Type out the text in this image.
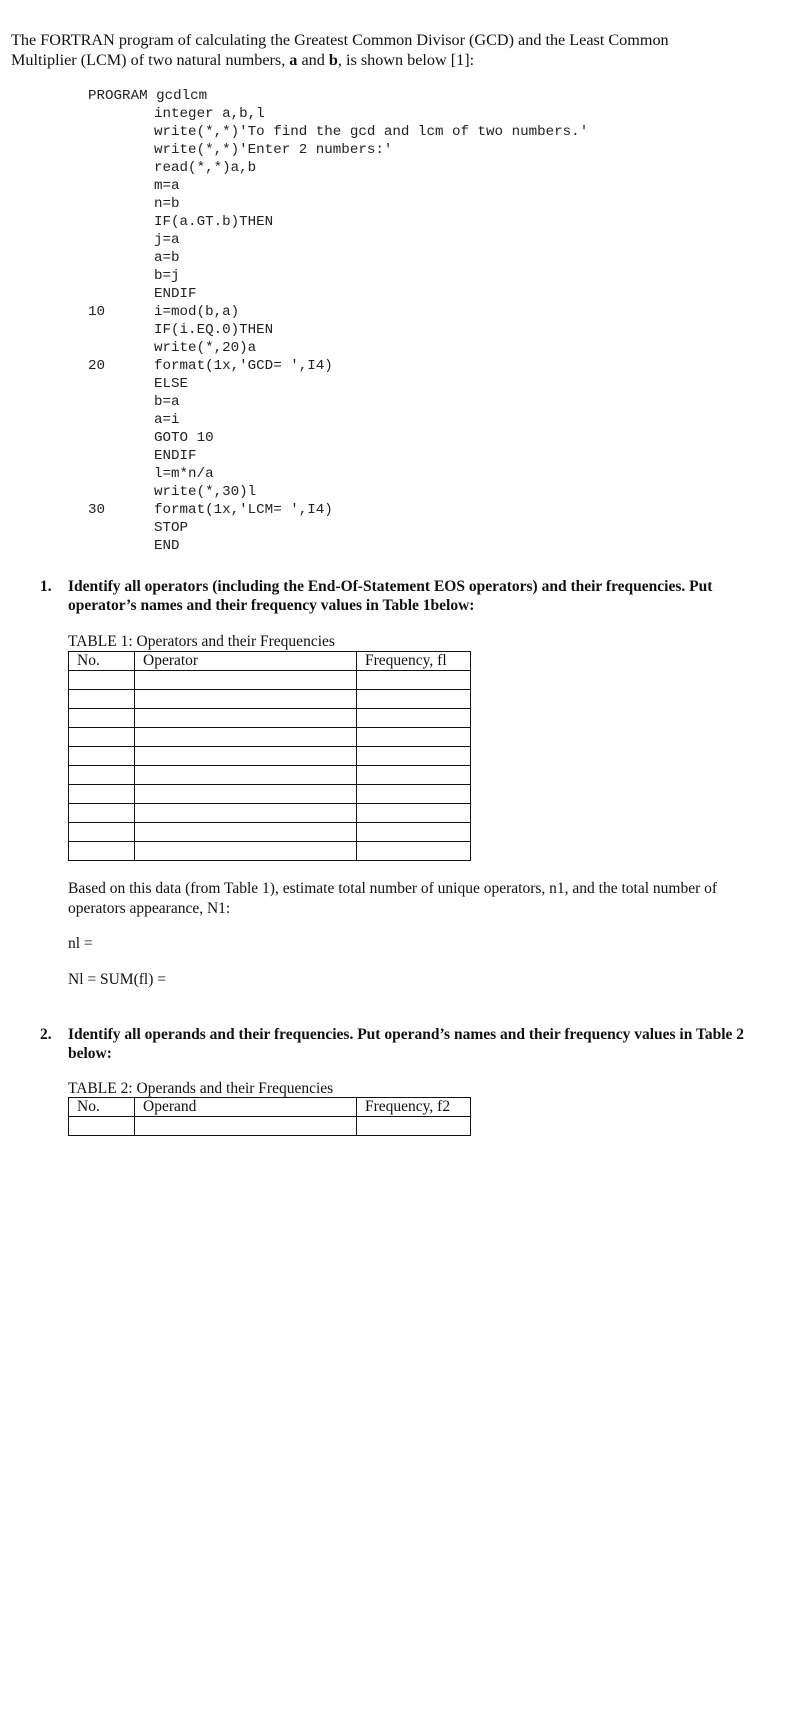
The FORTRAN program of calculating the Greatest Common Divisor (GCD) and the Least Common Multiplier (LCM) of two natural numbers, a and b, is shown below [1]:

PROGRAM gcdlcm

integer a,b,l
write(*,*)'To find the gcd and lcm of two numbers.'
write(*,*)'Enter 2 numbers:'
read(*,*)a,b
m=a
n=b
IF(a.GT.b)THEN
j=a
a=b
b=j
ENDIF
10	i=mod(b,a)
IF(i.EQ.0)THEN
write(*,20)a
20	format(1x,'GCD= ',I4)
ELSE
b=a
a=i
GOTO 10
ENDIF
l=m*n/a
write(*,30)l
30	format(1x,'LCM= ',I4)
STOP
END
1. Identify all operators (including the End-Of-Statement EOS operators) and their frequencies. Put operator’s names and their frequency values in Table 1below:
TABLE 1: Operators and their Frequencies
No.	Operator	Frequency, fl

Based on this data (from Table 1), estimate total number of unique operators, n1, and the total number of operators appearance, N1:
nl =
Nl = SUM(fl) =
2. Identify all operands and their frequencies. Put operand’s names and their frequency values in Table 2 below:
TABLE 2: Operands and their Frequencies
No.	Operand	Frequency, f2
